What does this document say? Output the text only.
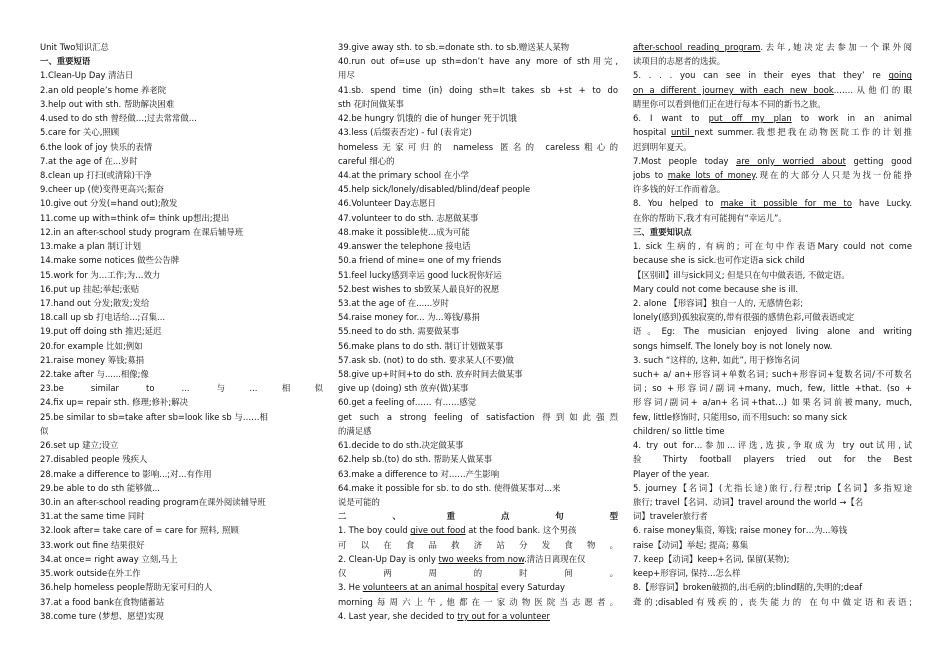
Unit Two知识汇总
一、重要短语
1.Clean-Up Day 清洁日
2.an old people’s home 养老院
3.help out with sth. 帮助解决困难
4.used to do sth 曾经做…;过去常常做...
5.care for 关心,照顾
6.the look of joy 快乐的表情
7.at the age of 在...岁时
8.clean up 打扫(或清除)干净
9.cheer up (使)变得更高兴;振奋
10.give out 分发(=hand out);散发
11.come up with=think of= think up想出;提出
12.in an after-school study program 在课后辅导班
13.make a plan 制订计划
14.make some notices 做些公告牌
15.work for 为…工作;为…效力
16.put up 挂起;举起;张贴
17.hand out 分发;散发;发给
18.call up sb 打电话给...;召集...
19.put off doing sth 推迟;延迟
20.for example 比如;例如
21.raise money 筹钱;募捐
22.take after 与......相像;像
23.be similar to ... 与...相似
24.fix up= repair sth. 修理;修补;解决
25.be similar to sb=take after sb=look like sb 与……相
似
26.set up 建立;设立
27.disabled people 残疾人
28.make a difference to 影响...;对...有作用
29.be able to do sth 能够做...
30.in an after-school reading program在课外阅读辅导班
31.at the same time 同时
32.look after= take care of = care for 照料, 照顾
33.work out fine 结果很好
34.at once= right away 立刻,马上
35.work outside在外工作
36.help homeless people帮助无家可归的人
37.at a food bank在食物储蓄站
38.come ture (梦想、愿望)实现
39.give away sth. to sb.=donate sth. to sb.赠送某人某物
40.run out of=use up sth=don’t have any more of sth用完,
用尽
41.sb. spend time (in) doing sth=It takes sb +st + to do
sth 花时间做某事
42.be hungry 饥饿的 die of hunger 死于饥饿
43.less (后缀表否定) - ful (表肯定)
homeless无家可归的 nameless 匿名的 careless粗心的
careful 细心的
44.at the primary school 在小学
45.help sick/lonely/disabled/blind/deaf people
46.Volunteer Day志愿日
47.volunteer to do sth. 志愿做某事
48.make it possible使…成为可能
49.answer the telephone 接电话
50.a friend of mine= one of my friends
51.feel lucky感到幸运 good luck祝你好运
52.best wishes to sb致某人最良好的祝愿
53.at the age of 在......岁时
54.raise money for... 为...筹钱/募捐
55.need to do sth. 需要做某事
56.make plans to do sth. 制订计划做某事
57.ask sb. (not) to do sth. 要求某人(不要)做
58.give up+时间+to do sth. 放弃时间去做某事
give up (doing) sth 放弃(做)某事
60.get a feeling of…… 有……感觉
get such a strong feeling of satisfaction 得到如此强烈
的满足感
61.decide to do sth.决定做某事
62.help sb.(to) do sth. 帮助某人做某事
63.make a difference to 对……产生影响
64.make it possible for sb. to do sth. 使得做某事对...来
说是可能的
二、重点句型
1. The boy could give out food at the food bank. 这个男孩
可以在食品救济站分发食物。
2. Clean-Up Day is only two weeks from now.清洁日离现在仅
仅两周的时间。
3. He volunteers at an animal hospital every Saturday
morning每周六上午,他都在一家动物医院当志愿者。
4. Last year, she decided to try out for a volunteer
after-school reading program.去年,她决定去参加一个课外阅
读项目的志愿者的选拔。
5. . . . you can see in their eyes that they’ re going
on a different journey with each new book.……从他们的眼
睛里你可以看到他们正在进行每本不同的新书之旅。
6. I want to put off my plan to work in an animal
hospital until next summer.我想把我在动物医院工作的计划推
迟到明年夏天。
7.Most people today are only worried about getting good
jobs to make lots of money.现在的大部分人只是为找一份能挣
许多钱的好工作而着急。
8. You helped to make it possible for me to have Lucky.
在你的帮助下,我才有可能拥有“幸运儿”。
三、重要知识点
1. sick 生病的, 有病的; 可在句中作表语Mary could not come
because she is sick.也可作定语a sick child
【区别ill】ill与sick同义; 但是只在句中做表语, 不做定语。
Mary could not come because she is ill.
2. alone 【形容词】独自一人的, 无感情色彩;
lonely(感到)孤独寂寞的,带有很强的感情色彩,可做表语或定
语。Eg: The musician enjoyed living alone and writing
songs himself. The lonely boy is not lonely now.
3. such “这样的, 这种, 如此”, 用于修饰名词
such+ a/ an+形容词+单数名词; such+形容词+复数名词/不可数名
词; so +形容词/副词+many, much, few, little +that. (so +
形容词/副词+ a/an+名词+that…) 如果名词前被many, much,
few, little修饰时, 只能用so, 而不用such: so many sick
children/ so little time
4. try out for…参加...评选,选拔,争取成为 try out试用,试
验 Thirty football players tried out for the Best
Player of the year.
5. journey【名词】(尤指长途)旅行,行程;trip【名词】多指短途
旅行; travel【名词、动词】travel around the world →【名
词】traveler旅行者
6. raise money集资, 筹钱; raise money for…为...筹钱
raise【动词】举起; 提高; 募集
7. keep【动词】keep+名词, 保留(某物);
keep+形容词, 保持...怎么样
8.【形容词】broken破损的,出毛病的;blind瞎的,失明的;deaf
聋的;disabled有残疾的, 丧失能力的 在句中做定语和表语;
